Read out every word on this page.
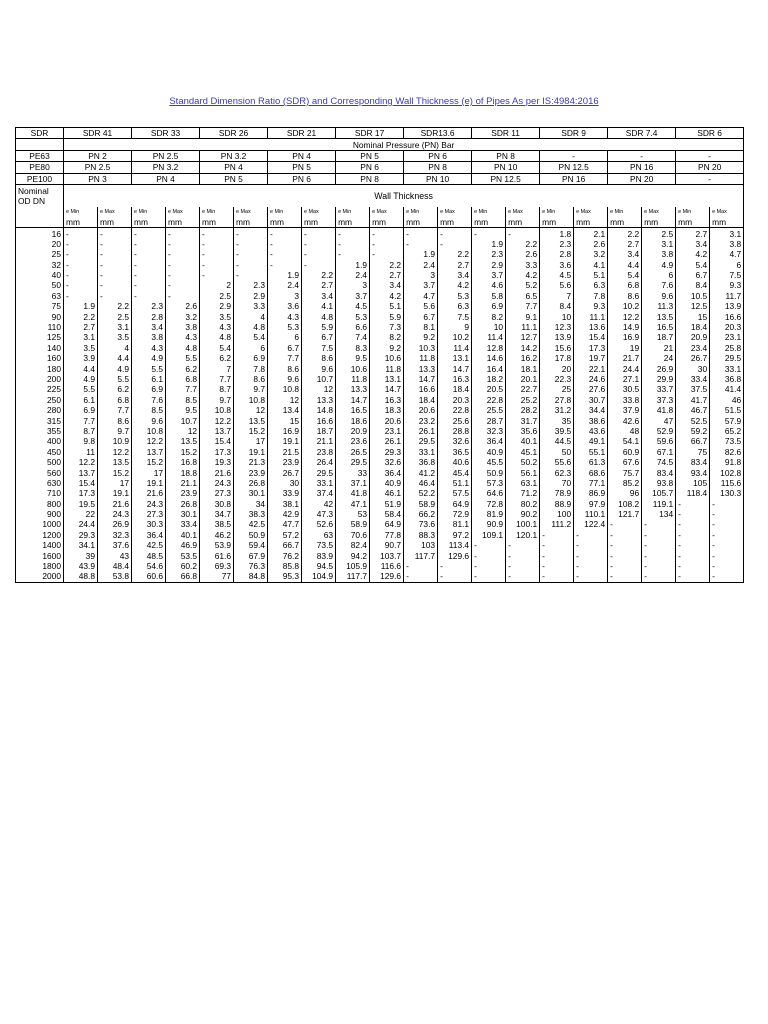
Standard Dimension Ratio (SDR) and Corresponding Wall Thickness (e) of Pipes As per IS:4984:2016
SDR	SDR 41		SDR 33		SDR 26		SDR 21		SDR 17		SDR13.6		SDR 11		SDR 9		SDR 7.4		SDR 6	
	Nominal Pressure (PN) Bar																			
PE63	PN 2		PN 2.5		PN 3.2		PN 4		PN 5		PN 6		PN 8		-		-		-	
PE80	PN 2.5		PN 3.2		PN 4		PN 5		PN 6		PN 8		PN 10		PN 12.5		PN 16		PN 20	
PE100	PN 3		PN 4		PN 5		PN 6		PN 8		PN 10		PN 12.5		PN 16		PN 20		-	
Nominal
OD DN	Wall Thickness																			
	e Min	e Max	e Min	e Max	e Min	e Max	e Min	e Max	e Min	e Max	e Min	e Max	e Min	e Max	e Min	e Max	e Min	e Max	e Min	e Max
	mm	mm	mm	mm	mm	mm	mm	mm	mm	mm	mm	mm	mm	mm	mm	mm	mm	mm	mm	mm
16	-	-	-	-	-	-	-	-	-	-	-	-	-	-	1.8	2.1	2.2	2.5	2.7	3.1
20	-	-	-	-	-	-	-	-	-	-	-	-	1.9	2.2	2.3	2.6	2.7	3.1	3.4	3.8
25	-	-	-	-	-	-	-	-	-	-	1.9	2.2	2.3	2.6	2.8	3.2	3.4	3.8	4.2	4.7
32	-	-	-	-	-	-	-	-	1.9	2.2	2.4	2.7	2.9	3.3	3.6	4.1	4.4	4.9	5.4	6
40	-	-	-	-	-	-	1.9	2.2	2.4	2.7	3	3.4	3.7	4.2	4.5	5.1	5.4	6	6.7	7.5
50	-	-	-	-	2	2.3	2.4	2.7	3	3.4	3.7	4.2	4.6	5.2	5.6	6.3	6.8	7.6	8.4	9.3
63	-	-	-	-	2.5	2.9	3	3.4	3.7	4.2	4.7	5.3	5.8	6.5	7	7.8	8.6	9.6	10.5	11.7
75	1.9	2.2	2.3	2.6	2.9	3.3	3.6	4.1	4.5	5.1	5.6	6.3	6.9	7.7	8.4	9.3	10.2	11.3	12.5	13.9
90	2.2	2.5	2.8	3.2	3.5	4	4.3	4.8	5.3	5.9	6.7	7.5	8.2	9.1	10	11.1	12.2	13.5	15	16.6
110	2.7	3.1	3.4	3.8	4.3	4.8	5.3	5.9	6.6	7.3	8.1	9	10	11.1	12.3	13.6	14.9	16.5	18.4	20.3
125	3.1	3.5	3.8	4.3	4.8	5.4	6	6.7	7.4	8.2	9.2	10.2	11.4	12.7	13.9	15.4	16.9	18.7	20.9	23.1
140	3.5	4	4.3	4.8	5.4	6	6.7	7.5	8.3	9.2	10.3	11.4	12.8	14.2	15.6	17.3	19	21	23.4	25.8
160	3.9	4.4	4.9	5.5	6.2	6.9	7.7	8.6	9.5	10.6	11.8	13.1	14.6	16.2	17.8	19.7	21.7	24	26.7	29.5
180	4.4	4.9	5.5	6.2	7	7.8	8.6	9.6	10.6	11.8	13.3	14.7	16.4	18.1	20	22.1	24.4	26.9	30	33.1
200	4.9	5.5	6.1	6.8	7.7	8.6	9.6	10.7	11.8	13.1	14.7	16.3	18.2	20.1	22.3	24.6	27.1	29.9	33.4	36.8
225	5.5	6.2	6.9	7.7	8.7	9.7	10.8	12	13.3	14.7	16.6	18.4	20.5	22.7	25	27.6	30.5	33.7	37.5	41.4
250	6.1	6.8	7.6	8.5	9.7	10.8	12	13.3	14.7	16.3	18.4	20.3	22.8	25.2	27.8	30.7	33.8	37.3	41.7	46
280	6.9	7.7	8.5	9.5	10.8	12	13.4	14.8	16.5	18.3	20.6	22.8	25.5	28.2	31.2	34.4	37.9	41.8	46.7	51.5
315	7.7	8.6	9.6	10.7	12.2	13.5	15	16.6	18.6	20.6	23.2	25.6	28.7	31.7	35	38.6	42.6	47	52.5	57.9
355	8.7	9.7	10.8	12	13.7	15.2	16.9	18.7	20.9	23.1	26.1	28.8	32.3	35.6	39.5	43.6	48	52.9	59.2	65.2
400	9.8	10.9	12.2	13.5	15.4	17	19.1	21.1	23.6	26.1	29.5	32.6	36.4	40.1	44.5	49.1	54.1	59.6	66.7	73.5
450	11	12.2	13.7	15.2	17.3	19.1	21.5	23.8	26.5	29.3	33.1	36.5	40.9	45.1	50	55.1	60.9	67.1	75	82.6
500	12.2	13.5	15.2	16.8	19.3	21.3	23.9	26.4	29.5	32.6	36.8	40.6	45.5	50.2	55.6	61.3	67.6	74.5	83.4	91.8
560	13.7	15.2	17	18.8	21.6	23.9	26.7	29.5	33	36.4	41.2	45.4	50.9	56.1	62.3	68.6	75.7	83.4	93.4	102.8
630	15.4	17	19.1	21.1	24.3	26.8	30	33.1	37.1	40.9	46.4	51.1	57.3	63.1	70	77.1	85.2	93.8	105	115.6
710	17.3	19.1	21.6	23.9	27.3	30.1	33.9	37.4	41.8	46.1	52.2	57.5	64.6	71.2	78.9	86.9	96	105.7	118.4	130.3
800	19.5	21.6	24.3	26.8	30.8	34	38.1	42	47.1	51.9	58.9	64.9	72.8	80.2	88.9	97.9	108.2	119.1	-	-
900	22	24.3	27.3	30.1	34.7	38.3	42.9	47.3	53	58.4	66.2	72.9	81.9	90.2	100	110.1	121.7	134	-	-
1000	24.4	26.9	30.3	33.4	38.5	42.5	47.7	52.6	58.9	64.9	73.6	81.1	90.9	100.1	111.2	122.4	-	-	-	-
1200	29.3	32.3	36.4	40.1	46.2	50.9	57.2	63	70.6	77.8	88.3	97.2	109.1	120.1	-	-	-	-	-	-
1400	34.1	37.6	42.5	46.9	53.9	59.4	66.7	73.5	82.4	90.7	103	113.4	-	-	-	-	-	-	-	-
1600	39	43	48.5	53.5	61.6	67.9	76.2	83.9	94.2	103.7	117.7	129.6	-	-	-	-	-	-	-	-
1800	43.9	48.4	54.6	60.2	69.3	76.3	85.8	94.5	105.9	116.6	-	-	-	-	-	-	-	-	-	-
2000	48.8	53.8	60.6	66.8	77	84.8	95.3	104.9	117.7	129.6	-	-	-	-	-	-	-	-	-	-
